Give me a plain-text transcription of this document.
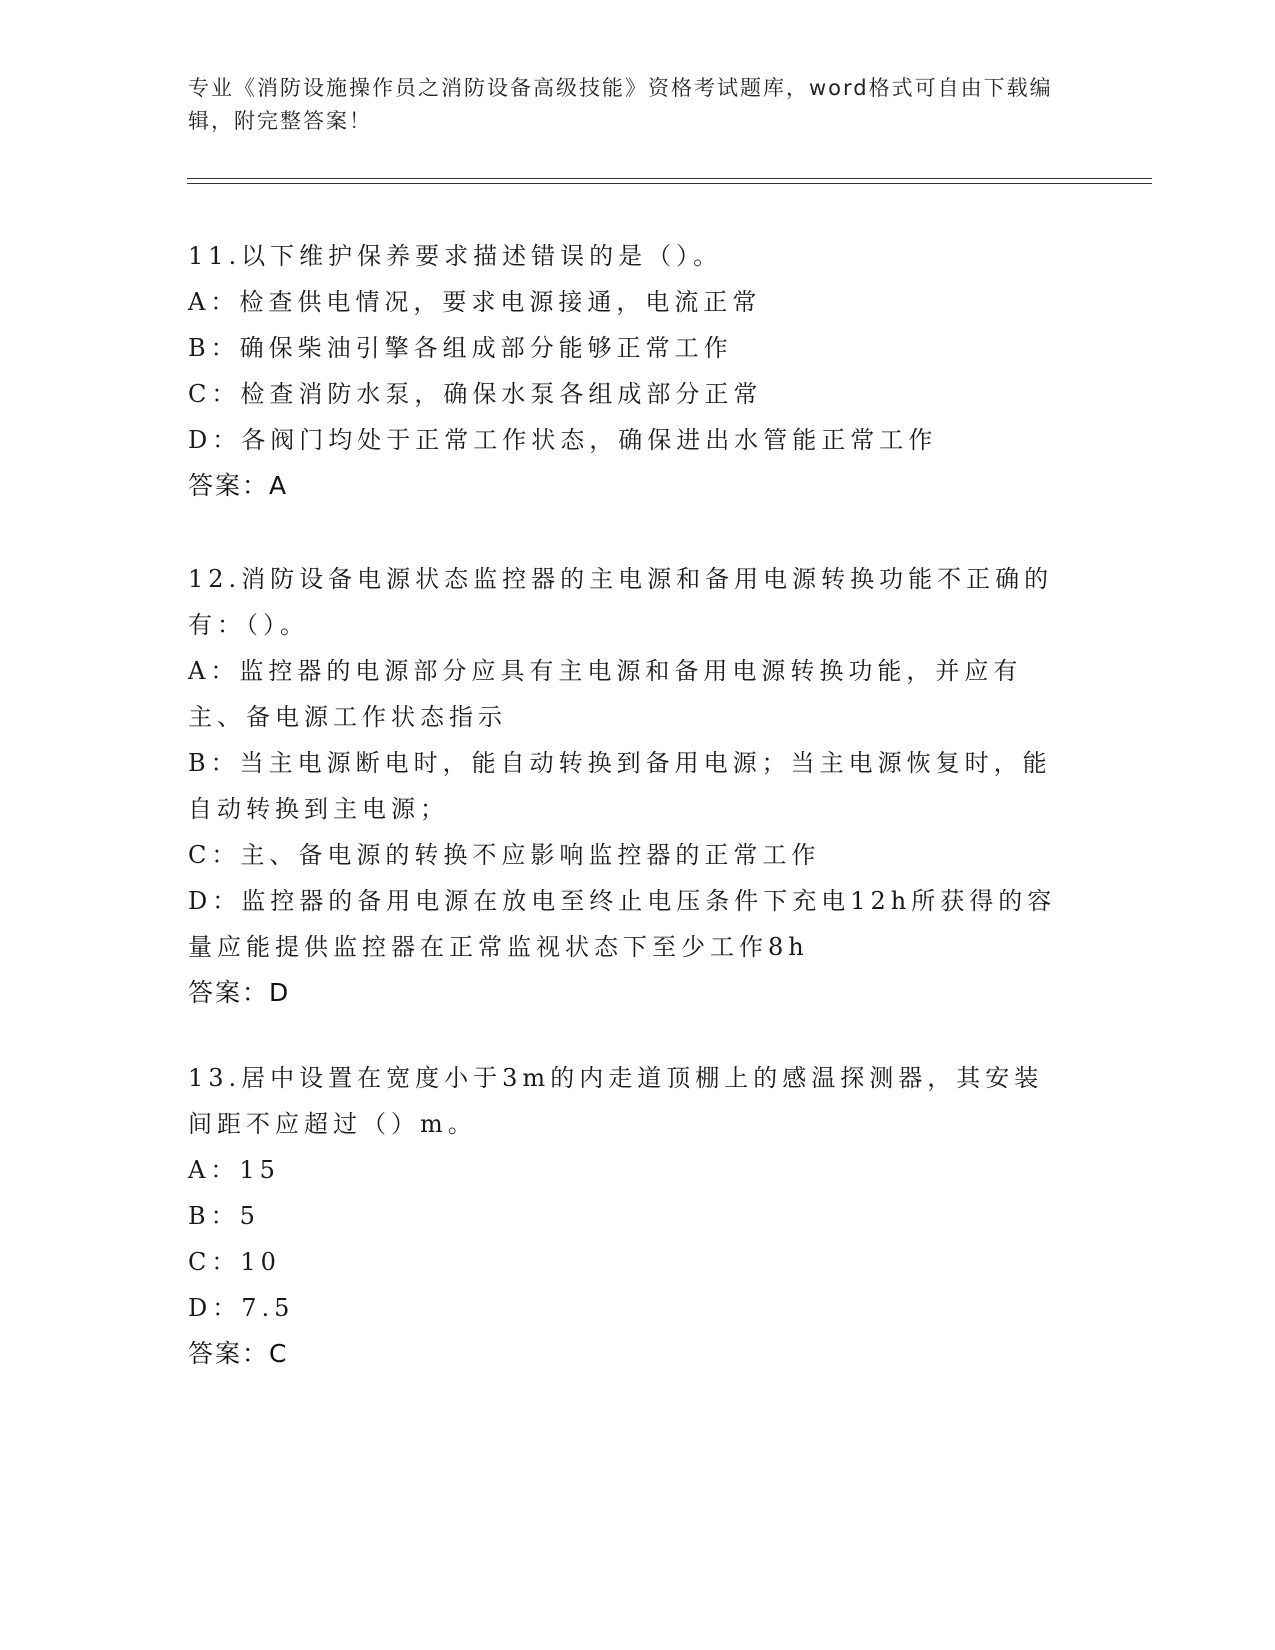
专业《消防设施操作员之消防设备高级技能》资格考试题库，word格式可自由下载编辑，附完整答案！
11.以下维护保养要求描述错误的是（）。
A：检查供电情况，要求电源接通，电流正常
B：确保柴油引擎各组成部分能够正常工作
C：检查消防水泵，确保水泵各组成部分正常
D：各阀门均处于正常工作状态，确保进出水管能正常工作
答案：A
12.消防设备电源状态监控器的主电源和备用电源转换功能不正确的有：（）。
A：监控器的电源部分应具有主电源和备用电源转换功能，并应有主、备电源工作状态指示
B：当主电源断电时，能自动转换到备用电源；当主电源恢复时，能自动转换到主电源；
C：主、备电源的转换不应影响监控器的正常工作
D：监控器的备用电源在放电至终止电压条件下充电12h所获得的容量应能提供监控器在正常监视状态下至少工作8h
答案：D
13.居中设置在宽度小于3m的内走道顶棚上的感温探测器，其安装间距不应超过（）m。
A：15
B：5
C：10
D：7.5
答案：C
